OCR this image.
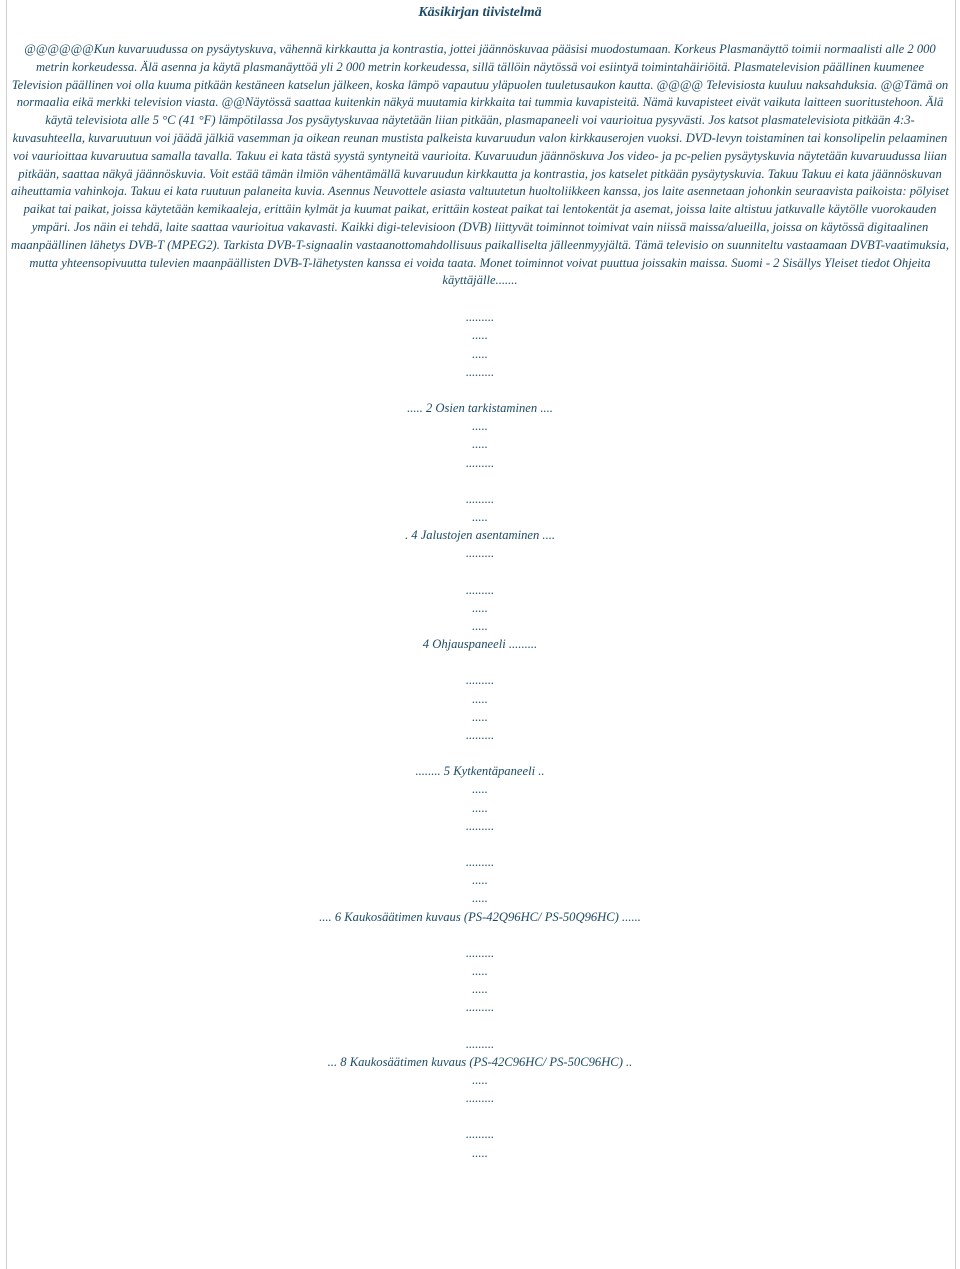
Käsikirjan tiivistelmä

@@@@@@Kun kuvaruudussa on pysäytyskuva, vähennä kirkkautta ja kontrastia, jottei jäännöskuvaa pääsisi muodostumaan. Korkeus Plasmanäyttö toimii normaalisti alle 2 000 metrin korkeudessa. Älä asenna ja käytä plasmanäyttöä yli 2 000 metrin korkeudessa, sillä tällöin näytössä voi esiintyä toimintahäiriöitä. Plasmatelevision päällinen kuumenee Television päällinen voi olla kuuma pitkään kestäneen katselun jälkeen, koska lämpö vapautuu yläpuolen tuuletusaukon kautta. @@@@ Televisiosta kuuluu naksahduksia. @@Tämä on normaalia eikä merkki television viasta. @@Näytössä saattaa kuitenkin näkyä muutamia kirkkaita tai tummia kuvapisteitä. Nämä kuvapisteet eivät vaikuta laitteen suoritustehoon. Älä käytä televisiota alle 5 °C (41 °F) lämpötilassa Jos pysäytyskuvaa näytetään liian pitkään, plasmapaneeli voi vaurioitua pysyvästi. Jos katsot plasmatelevisiota pitkään 4:3-kuvasuhteella, kuvaruutuun voi jäädä jälkiä vasemman ja oikean reunan mustista palkeista kuvaruudun valon kirkkauserojen vuoksi. DVD-levyn toistaminen tai konsolipelin pelaaminen voi vaurioittaa kuvaruutua samalla tavalla. Takuu ei kata tästä syystä syntyneitä vaurioita. Kuvaruudun jäännöskuva Jos video- ja pc-pelien pysäytyskuvia näytetään kuvaruudussa liian pitkään, saattaa näkyä jäännöskuvia. Voit estää tämän ilmiön vähentämällä kuvaruudun kirkkautta ja kontrastia, jos katselet pitkään pysäytyskuvia. Takuu Takuu ei kata jäännöskuvan aiheuttamia vahinkoja. Takuu ei kata ruutuun palaneita kuvia. Asennus Neuvottele asiasta valtuutetun huoltoliikkeen kanssa, jos laite asennetaan johonkin seuraavista paikoista: pölyiset paikat tai paikat, joissa käytetään kemikaaleja, erittäin kylmät ja kuumat paikat, erittäin kosteat paikat tai lentokentät ja asemat, joissa laite altistuu jatkuvalle käytölle vuorokauden ympäri. Jos näin ei tehdä, laite saattaa vaurioitua vakavasti. Kaikki digi-televisioon (DVB) liittyvät toiminnot toimivat vain niissä maissa/alueilla, joissa on käytössä digitaalinen maanpäällinen lähetys DVB-T (MPEG2). Tarkista DVB-T-signaalin vastaanottomahdollisuus paikalliselta jälleenmyyjältä. Tämä televisio on suunniteltu vastaamaan DVBT-vaatimuksia, mutta yhteensopivuutta tulevien maanpäällisten DVB-T-lähetysten kanssa ei voida taata. Monet toiminnot voivat puuttua joissakin maissa. Suomi - 2 Sisällys Yleiset tiedot Ohjeita käyttäjälle.......

.........
.....
.....
.........
..... 2 Osien tarkistaminen ....
.....
.....
.........
.........
.....
. 4 Jalustojen asentaminen ....
.........
.........
.....
.....
4 Ohjauspaneeli .........
.........
.....
.....
.........
........ 5 Kytkentäpaneeli ..
.....
.....
.........
.........
.....
.....
.... 6 Kaukosäätimen kuvaus (PS-42Q96HC/ PS-50Q96HC) ......
.........
.....
.....
.........
.........
... 8 Kaukosäätimen kuvaus (PS-42C96HC/ PS-50C96HC) ..
.....
.........
.........
.....
